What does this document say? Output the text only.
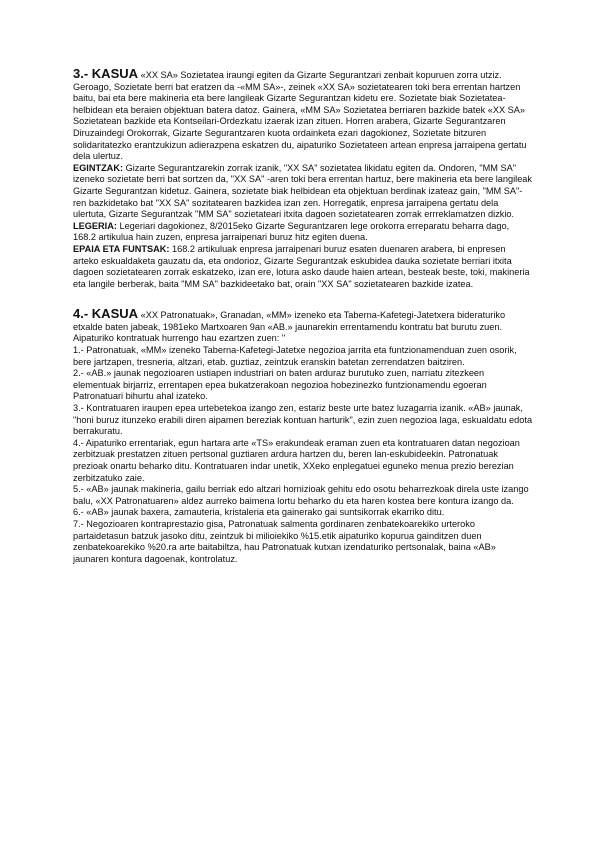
3.- KASUA «XX SA» Sozietatea iraungi egiten da Gizarte Segurantzari zenbait kopuruen zorra utziz. Geroago, Sozietate berri bat eratzen da -«MM SA»-, zeinek «XX SA» sozietatearen toki bera errentan hartzen baitu, bai eta bere makineria eta bere langileak Gizarte Segurantzan kidetu ere. Sozietate biak Sozietatea-helbidean eta beraien objektuan batera datoz. Gainera, «MM SA» Sozietatea berriaren bazkide batek «XX SA» Sozietatean bazkide eta Kontseilari-Ordezkatu izaerak izan zituen. Horren arabera, Gizarte Segurantzaren Diruzaindegi Orokorrak, Gizarte Segurantzaren kuota ordainketa ezari dagokionez, Sozietate bitzuren solidaritatezko erantzukizun adierazpena eskatzen du, aipaturiko Sozietateen artean enpresa jarraipena gertatu dela ulertuz.

EGINTZAK: Gizarte Segurantzarekin zorrak izanik, "XX SA" sozietatea likidatu egiten da. Ondoren, "MM SA" izeneko sozietate berri bat sortzen da, "XX SA" -aren toki bera errentan hartuz, bere makineria eta bere langileak Gizarte Segurantzan kidetuz. Gainera, sozietate biak helbidean eta objektuan berdinak izateaz gain, "MM SA"-ren bazkidetako bat "XX SA" sozitatearen bazkidea izan zen. Horregatik, enpresa jarraipena gertatu dela ulertuta, Gizarte Segurantzak "MM SA" sozietateari itxita dagoen sozietatearen zorrak errreklamatzen dizkio.

LEGERIA: Legeriari dagokionez, 8/2015eko Gizarte Segurantzaren lege orokorra erreparatu beharra dago, 168.2 artikulua hain zuzen, enpresa jarraipenari buruz hitz egiten duena.

EPAIA ETA FUNTSAK: 168.2 artikuluak enpresa jarraipenari buruz esaten duenaren arabera, bi enpresen arteko eskualdaketa gauzatu da, eta ondorioz, Gizarte Segurantzak eskubidea dauka sozietate berriari itxita dagoen sozietatearen zorrak eskatzeko, izan ere, lotura asko daude haien artean, besteak beste, toki, makineria eta langile berberak, baita "MM SA" bazkideetako bat, orain "XX SA" sozietatearen bazkide izatea.

4.- KASUA «XX Patronatuak», Granadan, «MM» izeneko eta Taberna-Kafetegi-Jatetxera bideraturiko etxalde baten jabeak, 1981eko Martxoaren 9an «AB.» jaunarekin errentamendu kontratu bat burutu zuen. Aipaturiko kontratuak hurrengo hau ezartzen zuen: "

1.- Patronatuak, «MM» izeneko Taberna-Kafetegi-Jatetxe negozioa jarrita eta funtzionamenduan zuen osorik, bere jartzapen, tresneria, altzari, etab. guztiaz, zeintzuk eranskin batetan zerrendatzen baitziren.

2.- «AB.» jaunak negozioaren ustiapen industriari on baten arduraz burutuko zuen, narriatu zitezkeen elementuak birjarriz, errentapen epea bukatzerakoan negozioa hobezinezko funtzionamendu egoeran Patronatuari bihurtu ahal izateko.

3.- Kontratuaren iraupen epea urtebetekoa izango zen, estariz beste urte batez luzagarria izanik. «AB» jaunak, "honi buruz itunzeko erabili diren aipamen bereziak kontuan harturik", ezin zuen negozioa laga, eskualdatu edota berrakuratu.

4.- Aipaturiko errentariak, egun hartara arte «TS» erakundeak eraman zuen eta kontratuaren datan negozioan zerbitzuak prestatzen zituen pertsonal guztiaren ardura hartzen du, beren lan-eskubideekin. Patronatuak prezioak onartu beharko ditu. Kontratuaren indar unetik, XXeko enplegatuei eguneko menua prezio berezian zerbitzatuko zaie.

5.- «AB» jaunak makineria, gailu berriak edo altzari hornizioak gehitu edo osotu beharrezkoak direla uste izango balu, «XX Patronatuaren» aldez aurreko baimena lortu beharko du eta haren kostea bere kontura izango da.

6.- «AB» jaunak baxera, zamauteria, kristaleria eta gainerako gai suntsikorrak ekarriko ditu.

7.- Negozioaren kontraprestazio gisa, Patronatuak salmenta gordinaren zenbatekoarekiko urteroko partaidetasun batzuk jasoko ditu, zeintzuk bi milioiekiko %15.etik aipaturiko kopurua gainditzen duen zenbatekoarekiko %20.ra arte baitabiltza, hau Patronatuak kutxan izendaturiko pertsonalak, baina «AB» jaunaren kontura dagoenak, kontrolatuz.
